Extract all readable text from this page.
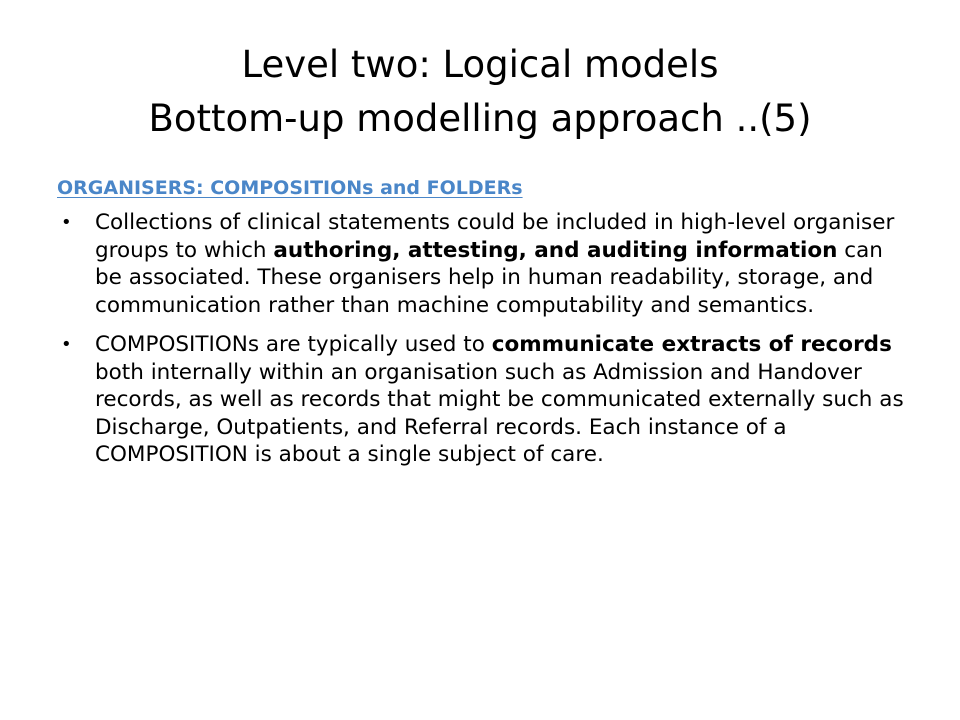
Level two: Logical models
Bottom-up modelling approach ..(5)
ORGANISERS: COMPOSITIONs and FOLDERs
• Collections of clinical statements could be included in high-level organiser groups to which authoring, attesting, and auditing information can be associated. These organisers help in human readability, storage, and communication rather than machine computability and semantics.
• COMPOSITIONs are typically used to communicate extracts of records both internally within an organisation such as Admission and Handover records, as well as records that might be communicated externally such as Discharge, Outpatients, and Referral records. Each instance of a COMPOSITION is about a single subject of care.
